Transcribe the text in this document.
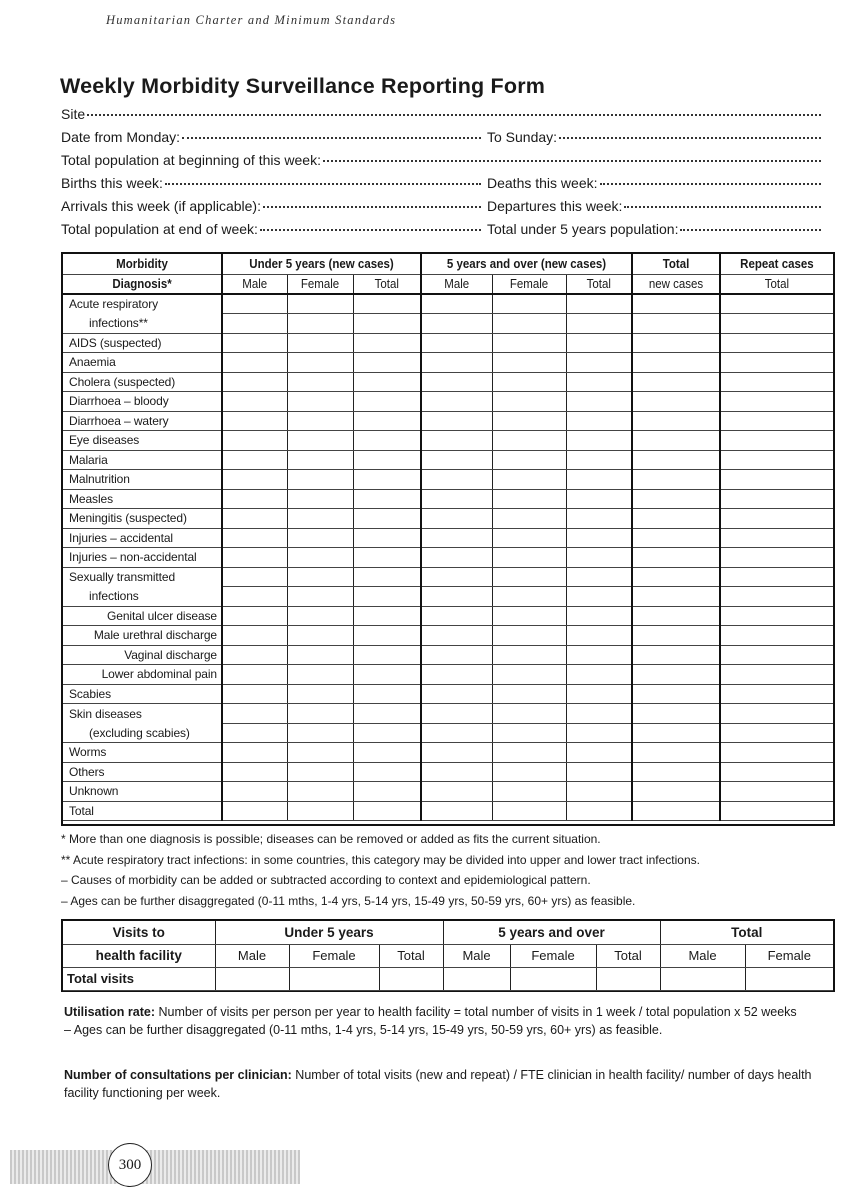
Humanitarian Charter and Minimum Standards
Weekly Morbidity Surveillance Reporting Form
Site
Date from Monday:	To Sunday:
Total population at beginning of this week:
Births this week:	Deaths this week:
Arrivals this week (if applicable):	Departures this week:
Total population at end of week:	Total under 5 years population:
Morbidity	Under 5 years (new cases)			5 years and over (new cases)			Total	Repeat cases
Diagnosis*	Male	Female	Total	Male	Female	Total	new cases	Total
Acute respiratory								
infections**								
AIDS (suspected)								
Anaemia								
Cholera (suspected)								
Diarrhoea – bloody								
Diarrhoea – watery								
Eye diseases								
Malaria								
Malnutrition								
Measles								
Meningitis (suspected)								
Injuries – accidental								
Injuries – non-accidental								
Sexually transmitted								
infections								
Genital ulcer disease								
Male urethral discharge								
Vaginal discharge								
Lower abdominal pain								
Scabies								
Skin diseases								
(excluding scabies)								
Worms								
Others								
Unknown								
Total								
* More than one diagnosis is possible; diseases can be removed or added as fits the current situation.
** Acute respiratory tract infections: in some countries, this category may be divided into upper and lower tract infections.
– Causes of morbidity can be added or subtracted according to context and epidemiological pattern.
– Ages can be further disaggregated (0-11 mths, 1-4 yrs, 5-14 yrs, 15-49 yrs, 50-59 yrs, 60+ yrs) as feasible.
Visits to	Under 5 years			5 years and over			Total	
health facility	Male	Female	Total	Male	Female	Total	Male	Female
Total visits								
Utilisation rate: Number of visits per person per year to health facility = total number of visits in 1 week / total population x 52 weeks
– Ages can be further disaggregated (0-11 mths, 1-4 yrs, 5-14 yrs, 15-49 yrs, 50-59 yrs, 60+ yrs) as feasible.
Number of consultations per clinician: Number of total visits (new and repeat) / FTE clinician in health facility/ number of days health facility functioning per week.
300
